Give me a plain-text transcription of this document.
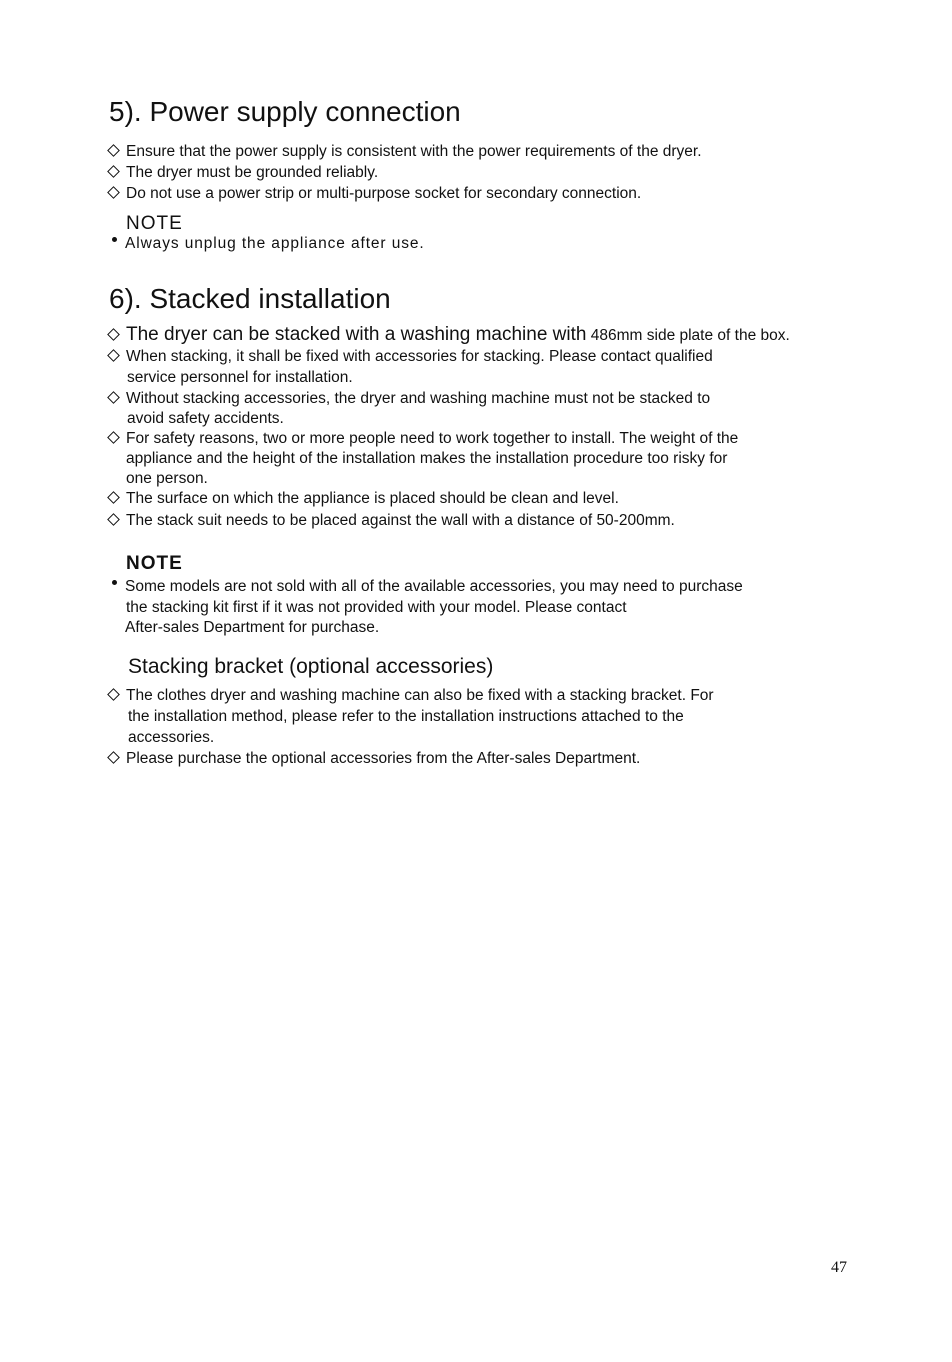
5). Power supply connection
Ensure that the power supply is consistent with the power requirements of the dryer.
The dryer must be grounded reliably.
Do not use a power strip or multi-purpose socket for secondary connection.
NOTE
Always unplug the appliance after use.
6). Stacked installation
The dryer can be stacked with a washing machine with 486mm side plate of the box.
When stacking, it shall be fixed with accessories for stacking. Please contact qualified
service personnel for installation.
Without stacking accessories, the dryer and washing machine must not be stacked to
avoid safety accidents.
For safety reasons, two or more people need to work together to install. The weight of the
appliance and the height of the installation makes the installation procedure too risky for
one person.
The surface on which the appliance is placed should be clean and level.
The stack suit needs to be placed against the wall with a distance of 50-200mm.
NOTE
Some models are not sold with all of the available accessories, you may need to purchase
the stacking kit first if it was not provided with your model. Please contact
After-sales Department for purchase.
Stacking bracket (optional accessories)
The clothes dryer and washing machine can also be fixed with a stacking bracket. For
the installation method, please refer to the installation instructions attached to the
accessories.
Please purchase the optional accessories from the After-sales Department.
47
